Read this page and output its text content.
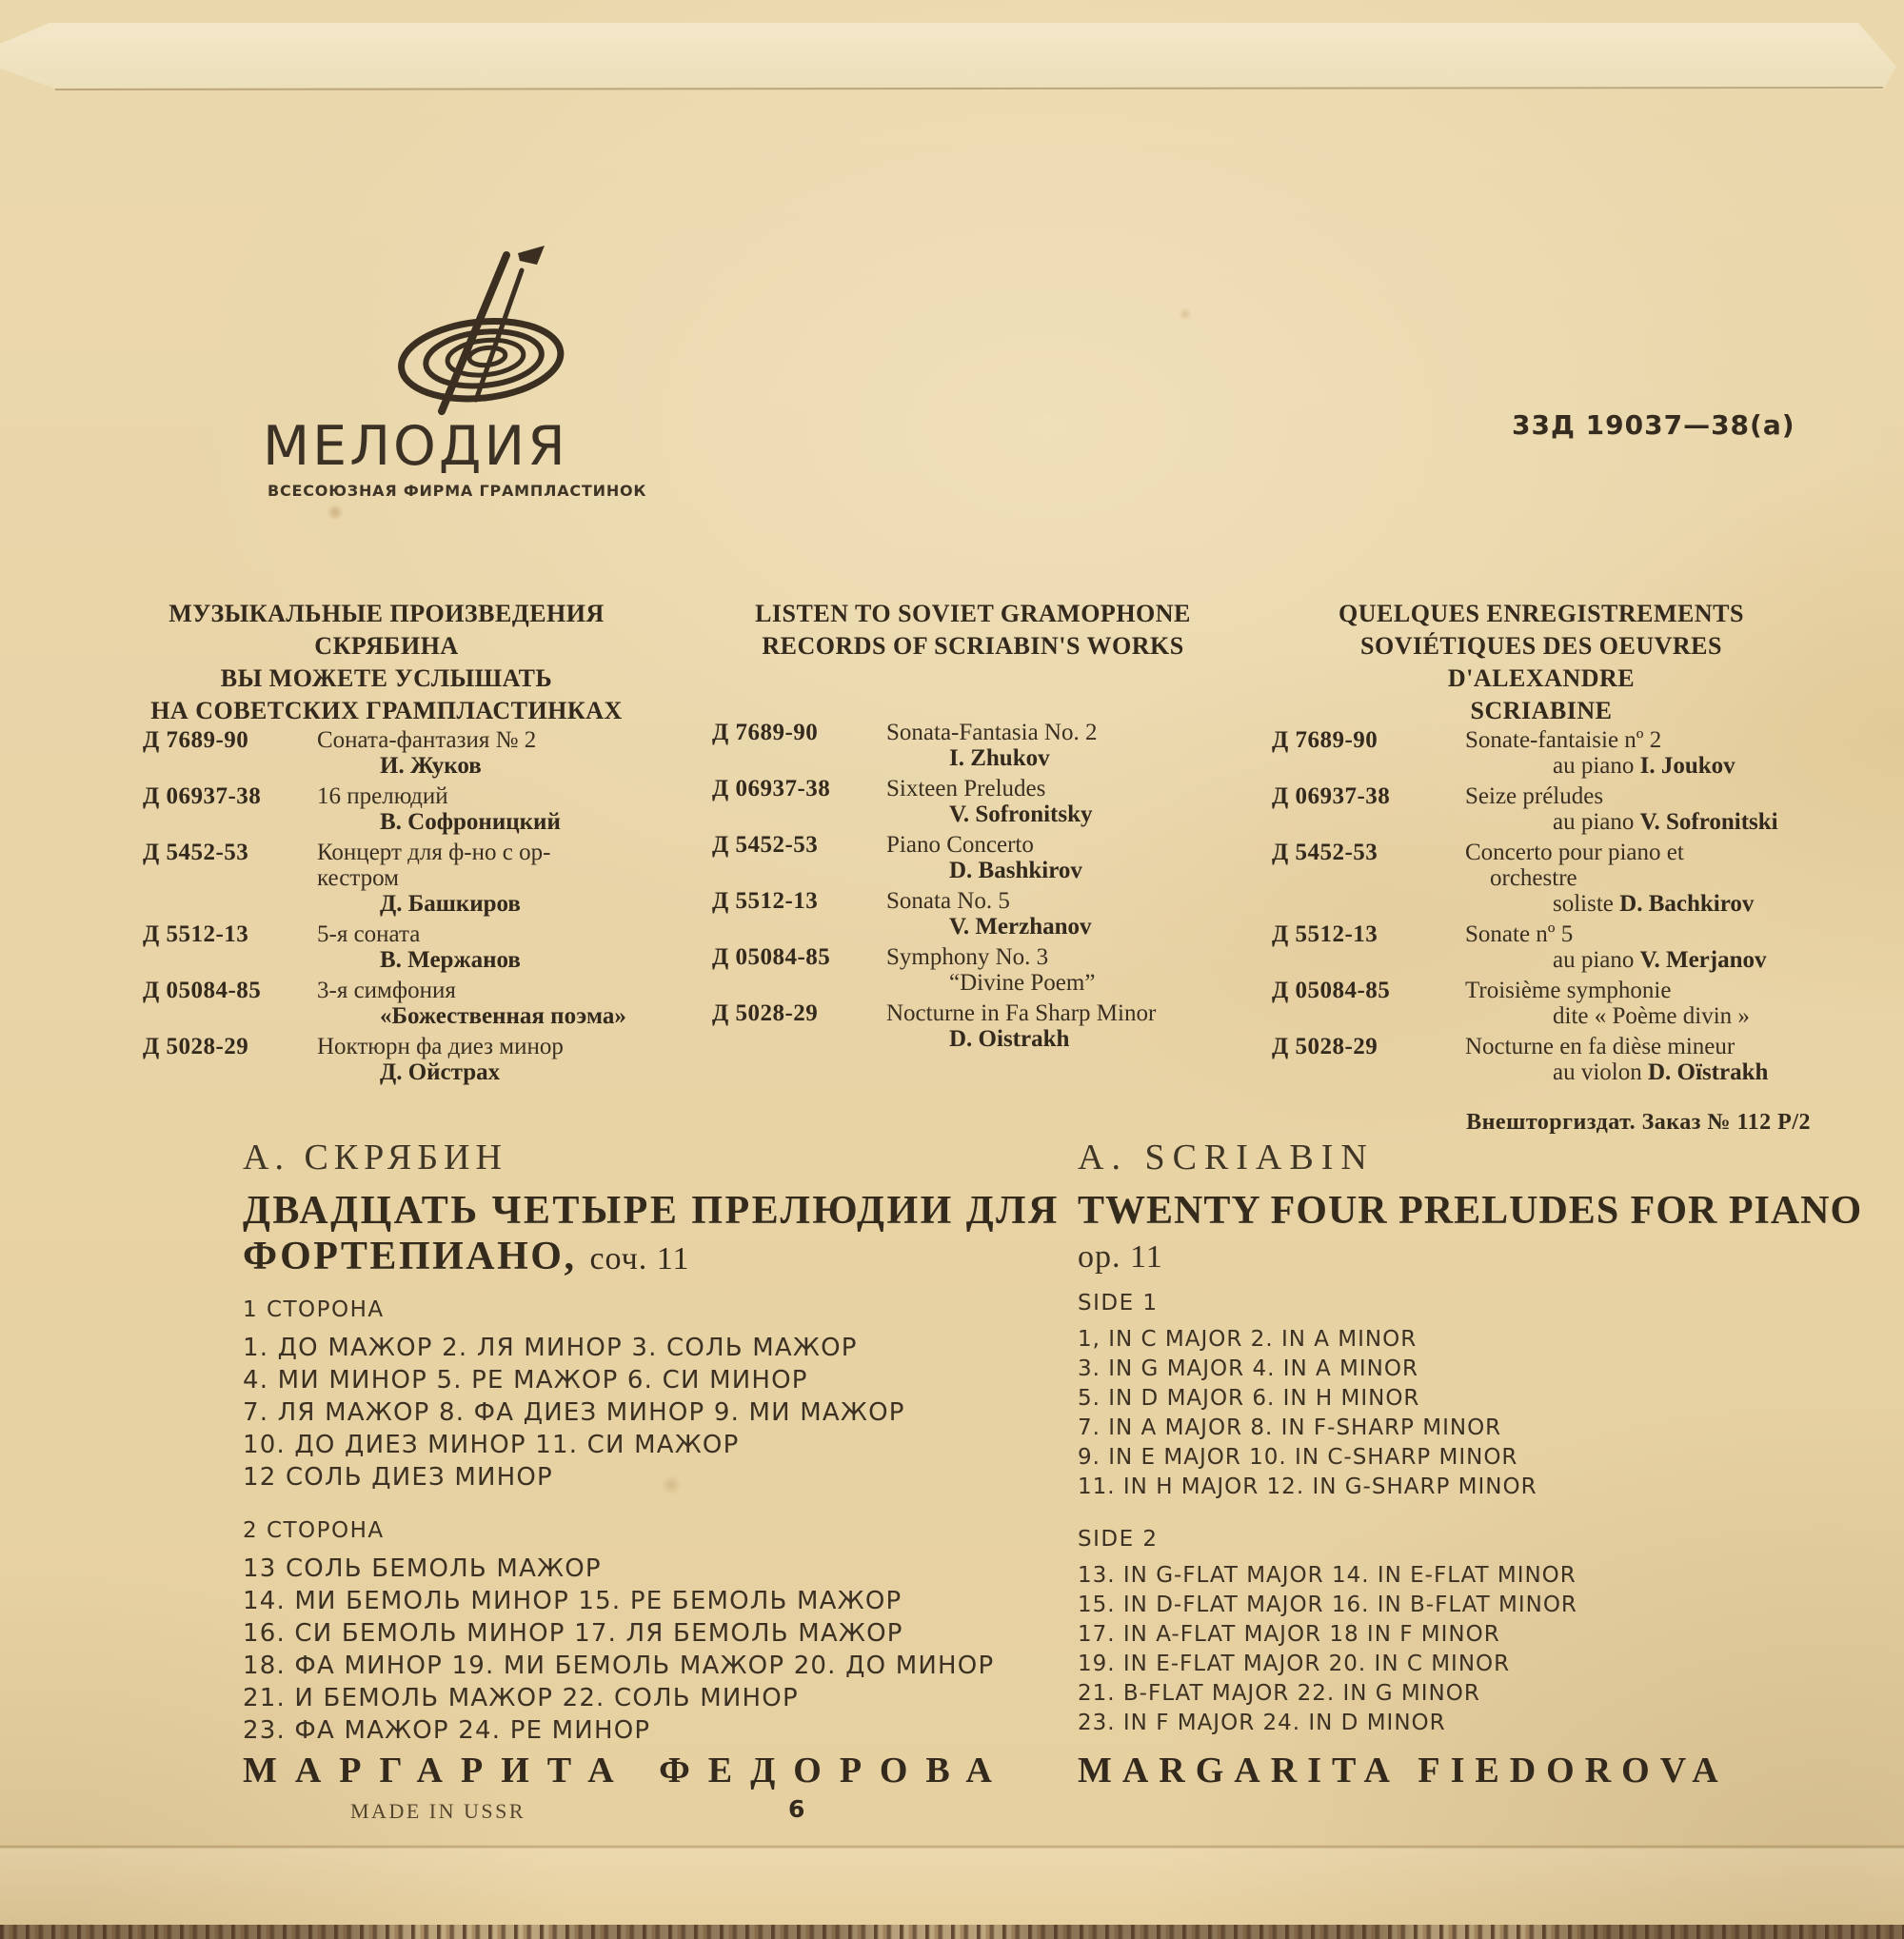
МЕЛОДИЯ
ВСЕСОЮЗНАЯ ФИРМА ГРАМПЛАСТИНОК
33Д 19037—38(а)
МУЗЫКАЛЬНЫЕ ПРОИЗВЕДЕНИЯ
СКРЯБИНА
ВЫ МОЖЕТЕ УСЛЫШАТЬ
НА СОВЕТСКИХ ГРАМПЛАСТИНКАХ
Д 7689-90	Соната-фантазия № 2
И. Жуков
Д 06937-38	16 прелюдий
В. Софроницкий
Д 5452-53	Концерт для ф-но с ор-
кестром
Д. Башкиров
Д 5512-13	5-я соната
В. Мержанов
Д 05084-85	3-я симфония
«Божественная поэма»
Д 5028-29	Ноктюрн фа диез минор
Д. Ойстрах
LISTEN TO SOVIET GRAMOPHONE
RECORDS OF SCRIABIN'S WORKS
Д 7689-90	Sonata-Fantasia No. 2
I. Zhukov
Д 06937-38	Sixteen Preludes
V. Sofronitsky
Д 5452-53	Piano Concerto
D. Bashkirov
Д 5512-13	Sonata No. 5
V. Merzhanov
Д 05084-85	Symphony No. 3
“Divine Poem”
Д 5028-29	Nocturne in Fa Sharp Minor
D. Oistrakh
QUELQUES ENREGISTREMENTS
SOVIÉTIQUES DES OEUVRES
D'ALEXANDRE
SCRIABINE
Д 7689-90	Sonate-fantaisie nº 2
au piano I. Joukov
Д 06937-38	Seize préludes
au piano V. Sofronitski
Д 5452-53	Concerto pour piano et
orchestre
soliste D. Bachkirov
Д 5512-13	Sonate nº 5
au piano V. Merjanov
Д 05084-85	Troisième symphonie
dite « Poème divin »
Д 5028-29	Nocturne en fa dièse mineur
au violon D. Oïstrakh
Внешторгиздат. Заказ № 112 Р/2
А. СКРЯБИН
ДВАДЦАТЬ ЧЕТЫРЕ ПРЕЛЮДИИ ДЛЯ
ФОРТЕПИАНО, соч. 11
1 СТОРОНА
1. ДО МАЖОР 2. ЛЯ МИНОР 3. СОЛЬ МАЖОР
4. МИ МИНОР 5. РЕ МАЖОР 6. СИ МИНОР
7. ЛЯ МАЖОР 8. ФА ДИЕЗ МИНОР 9. МИ МАЖОР
10. ДО ДИЕЗ МИНОР 11. СИ МАЖОР
12 СОЛЬ ДИЕЗ МИНОР
2 СТОРОНА
13 СОЛЬ БЕМОЛЬ МАЖОР
14. МИ БЕМОЛЬ МИНОР 15. РЕ БЕМОЛЬ МАЖОР
16. СИ БЕМОЛЬ МИНОР 17. ЛЯ БЕМОЛЬ МАЖОР
18. ФА МИНОР 19. МИ БЕМОЛЬ МАЖОР 20. ДО МИНОР
21. И БЕМОЛЬ МАЖОР 22. СОЛЬ МИНОР
23. ФА МАЖОР 24. РЕ МИНОР
A. SCRIABIN
TWENTY FOUR PRELUDES FOR PIANO
op. 11
SIDE 1
1, IN C MAJOR 2. IN A MINOR
3. IN G MAJOR 4. IN A MINOR
5. IN D MAJOR 6. IN H MINOR
7. IN A MAJOR 8. IN F-SHARP MINOR
9. IN E MAJOR 10. IN C-SHARP MINOR
11. IN H MAJOR 12. IN G-SHARP MINOR
SIDE 2
13. IN G-FLAT MAJOR 14. IN E-FLAT MINOR
15. IN D-FLAT MAJOR 16. IN B-FLAT MINOR
17. IN A-FLAT MAJOR 18 IN F MINOR
19. IN E-FLAT MAJOR 20. IN C MINOR
21. B-FLAT MAJOR 22. IN G MINOR
23. IN F MAJOR 24. IN D MINOR
МАРГАРИТА ФЕДОРОВА MARGARITA FIEDOROVA
MADE IN USSR	6
